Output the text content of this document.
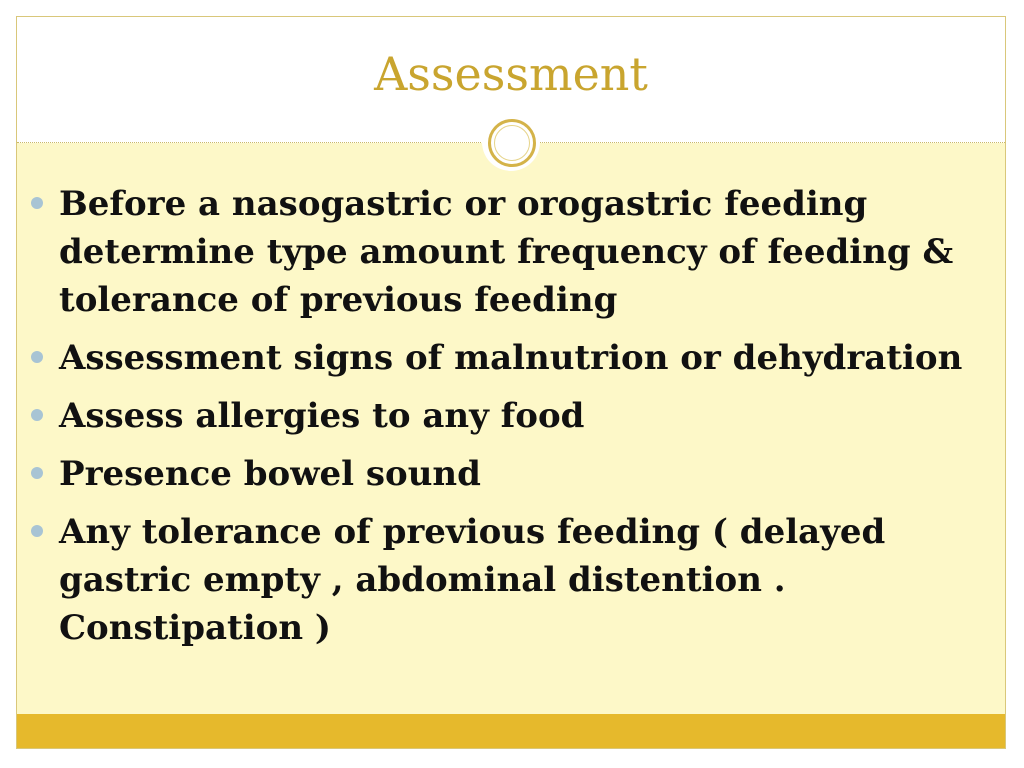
Assessment
Before a nasogastric or orogastric feeding determine type amount frequency of feeding & tolerance of previous feeding
Assessment signs of malnutrion or dehydration
Assess allergies to any food
Presence bowel sound
Any tolerance of previous feeding ( delayed gastric empty , abdominal distention . Constipation )
